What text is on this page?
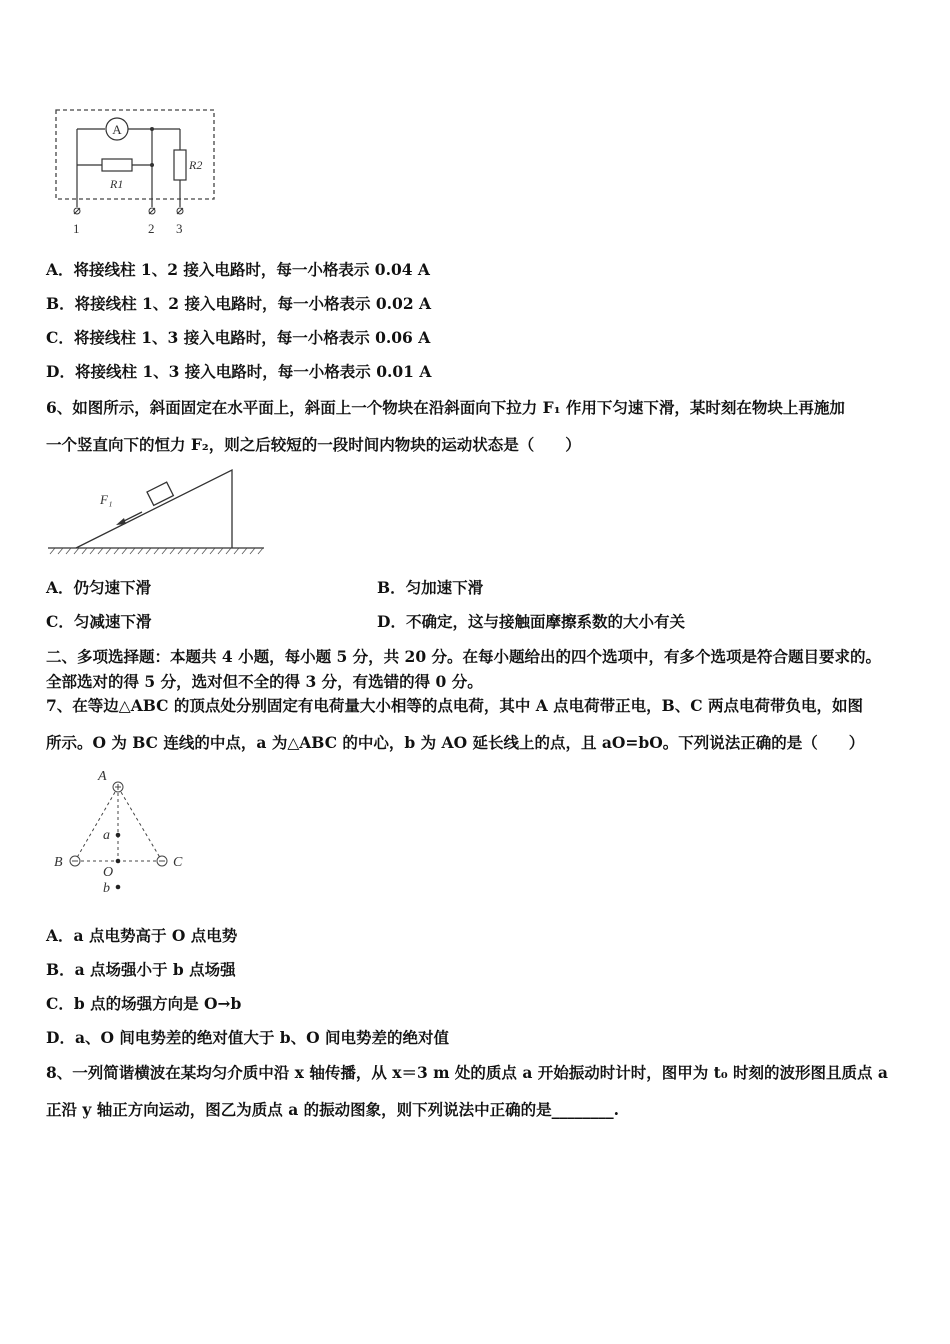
A
R1
R2
1	2 3
A．将接线柱 1、2 接入电路时，每一小格表示 0.04 A
B．将接线柱 1、2 接入电路时，每一小格表示 0.02 A
C．将接线柱 1、3 接入电路时，每一小格表示 0.06 A
D．将接线柱 1、3 接入电路时，每一小格表示 0.01 A
6、如图所示，斜面固定在水平面上，斜面上一个物块在沿斜面向下拉力 F₁ 作用下匀速下滑，某时刻在物块上再施加
一个竖直向下的恒力 F₂，则之后较短的一段时间内物块的运动状态是（　　）
F₁
A．仍匀速下滑	B．匀加速下滑
C．匀减速下滑	D．不确定，这与接触面摩擦系数的大小有关
二、多项选择题：本题共 4 小题，每小题 5 分，共 20 分。在每小题给出的四个选项中，有多个选项是符合题目要求的。
全部选对的得 5 分，选对但不全的得 3 分，有选错的得 0 分。
7、在等边△ABC 的顶点处分别固定有电荷量大小相等的点电荷，其中 A 点电荷带正电，B、C 两点电荷带负电，如图
所示。O 为 BC 连线的中点，a 为△ABC 的中心，b 为 AO 延长线上的点，且 aO=bO。下列说法正确的是（　　）
A
B	C
a
O
b
A．a 点电势高于 O 点电势
B．a 点场强小于 b 点场强
C．b 点的场强方向是 O→b
D．a、O 间电势差的绝对值大于 b、O 间电势差的绝对值
8、一列简谐横波在某均匀介质中沿 x 轴传播，从 x＝3 m 处的质点 a 开始振动时计时，图甲为 t₀ 时刻的波形图且质点 a
正沿 y 轴正方向运动，图乙为质点 a 的振动图象，则下列说法中正确的是________.
